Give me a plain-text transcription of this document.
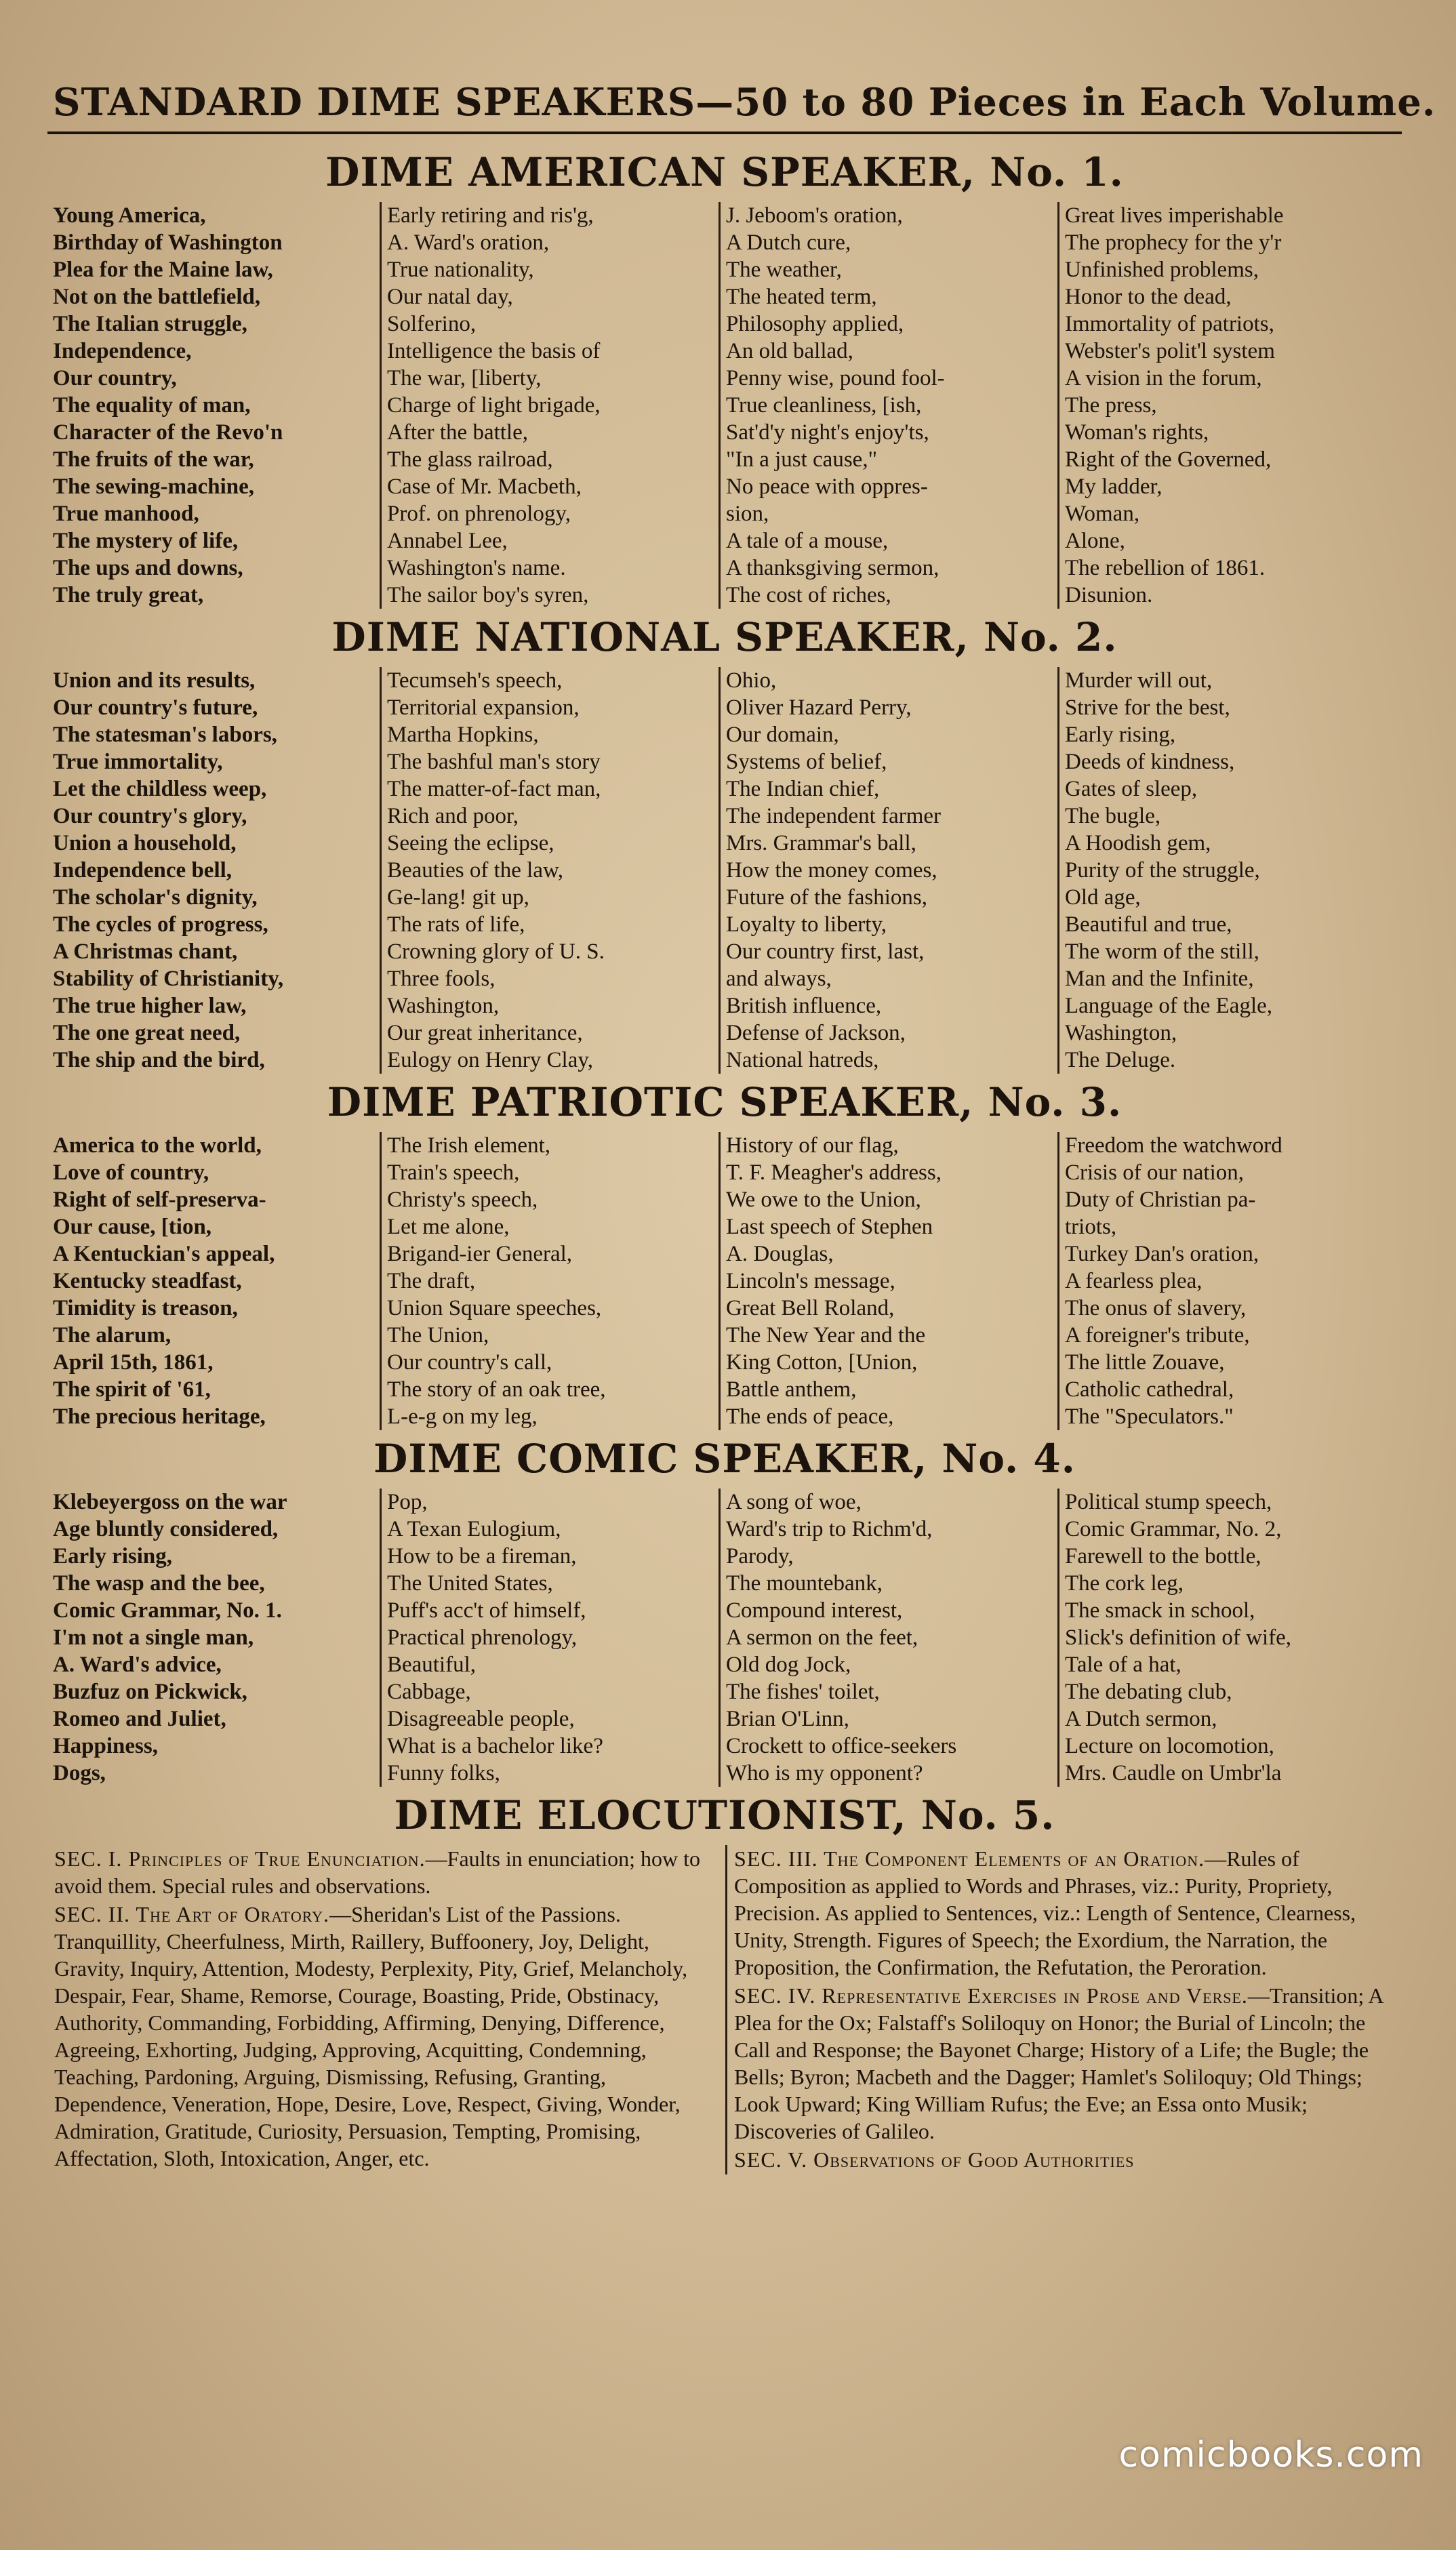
STANDARD DIME SPEAKERS—50 to 80 Pieces in Each Volume.
DIME AMERICAN SPEAKER, No. 1.
Young America,
Birthday of Washington
Plea for the Maine law,
Not on the battlefield,
The Italian struggle,
Independence,
Our country,
The equality of man,
Character of the Revo'n
The fruits of the war,
The sewing-machine,
True manhood,
The mystery of life,
The ups and downs,
The truly great,
Early retiring and ris'g,
A. Ward's oration,
True nationality,
Our natal day,
Solferino,
Intelligence the basis of
The war, [liberty,
Charge of light brigade,
After the battle,
The glass railroad,
Case of Mr. Macbeth,
Prof. on phrenology,
Annabel Lee,
Washington's name.
The sailor boy's syren,
J. Jeboom's oration,
A Dutch cure,
The weather,
The heated term,
Philosophy applied,
An old ballad,
Penny wise, pound fool-
True cleanliness, [ish,
Sat'd'y night's enjoy'ts,
"In a just cause,"
No peace with oppres-
sion,
A tale of a mouse,
A thanksgiving sermon,
The cost of riches,
Great lives imperishable
The prophecy for the y'r
Unfinished problems,
Honor to the dead,
Immortality of patriots,
Webster's polit'l system
A vision in the forum,
The press,
Woman's rights,
Right of the Governed,
My ladder,
Woman,
Alone,
The rebellion of 1861.
Disunion.
DIME NATIONAL SPEAKER, No. 2.
Union and its results,
Our country's future,
The statesman's labors,
True immortality,
Let the childless weep,
Our country's glory,
Union a household,
Independence bell,
The scholar's dignity,
The cycles of progress,
A Christmas chant,
Stability of Christianity,
The true higher law,
The one great need,
The ship and the bird,
Tecumseh's speech,
Territorial expansion,
Martha Hopkins,
The bashful man's story
The matter-of-fact man,
Rich and poor,
Seeing the eclipse,
Beauties of the law,
Ge-lang! git up,
The rats of life,
Crowning glory of U. S.
Three fools,
Washington,
Our great inheritance,
Eulogy on Henry Clay,
Ohio,
Oliver Hazard Perry,
Our domain,
Systems of belief,
The Indian chief,
The independent farmer
Mrs. Grammar's ball,
How the money comes,
Future of the fashions,
Loyalty to liberty,
Our country first, last,
and always,
British influence,
Defense of Jackson,
National hatreds,
Murder will out,
Strive for the best,
Early rising,
Deeds of kindness,
Gates of sleep,
The bugle,
A Hoodish gem,
Purity of the struggle,
Old age,
Beautiful and true,
The worm of the still,
Man and the Infinite,
Language of the Eagle,
Washington,
The Deluge.
DIME PATRIOTIC SPEAKER, No. 3.
America to the world,
Love of country,
Right of self-preserva-
Our cause, [tion,
A Kentuckian's appeal,
Kentucky steadfast,
Timidity is treason,
The alarum,
April 15th, 1861,
The spirit of '61,
The precious heritage,
The Irish element,
Train's speech,
Christy's speech,
Let me alone,
Brigand-ier General,
The draft,
Union Square speeches,
The Union,
Our country's call,
The story of an oak tree,
L-e-g on my leg,
History of our flag,
T. F. Meagher's address,
We owe to the Union,
Last speech of Stephen
A. Douglas,
Lincoln's message,
Great Bell Roland,
The New Year and the
King Cotton, [Union,
Battle anthem,
The ends of peace,
Freedom the watchword
Crisis of our nation,
Duty of Christian pa-
triots,
Turkey Dan's oration,
A fearless plea,
The onus of slavery,
A foreigner's tribute,
The little Zouave,
Catholic cathedral,
The "Speculators."
DIME COMIC SPEAKER, No. 4.
Klebeyergoss on the war
Age bluntly considered,
Early rising,
The wasp and the bee,
Comic Grammar, No. 1.
I'm not a single man,
A. Ward's advice,
Buzfuz on Pickwick,
Romeo and Juliet,
Happiness,
Dogs,
Pop,
A Texan Eulogium,
How to be a fireman,
The United States,
Puff's acc't of himself,
Practical phrenology,
Beautiful,
Cabbage,
Disagreeable people,
What is a bachelor like?
Funny folks,
A song of woe,
Ward's trip to Richm'd,
Parody,
The mountebank,
Compound interest,
A sermon on the feet,
Old dog Jock,
The fishes' toilet,
Brian O'Linn,
Crockett to office-seekers
Who is my opponent?
Political stump speech,
Comic Grammar, No. 2,
Farewell to the bottle,
The cork leg,
The smack in school,
Slick's definition of wife,
Tale of a hat,
The debating club,
A Dutch sermon,
Lecture on locomotion,
Mrs. Caudle on Umbr'la
DIME ELOCUTIONIST, No. 5.
SEC. I. Principles of True Enunciation.—Faults in enunciation; how to avoid them. Special rules and observations.
SEC. II. The Art of Oratory.—Sheridan's List of the Passions. Tranquillity, Cheerfulness, Mirth, Raillery, Buffoonery, Joy, Delight, Gravity, Inquiry, Attention, Modesty, Perplexity, Pity, Grief, Melancholy, Despair, Fear, Shame, Remorse, Courage, Boasting, Pride, Obstinacy, Authority, Commanding, Forbidding, Affirming, Denying, Difference, Agreeing, Exhorting, Judging, Approving, Acquitting, Condemning, Teaching, Pardoning, Arguing, Dismissing, Refusing, Granting, Dependence, Veneration, Hope, Desire, Love, Respect, Giving, Wonder, Admiration, Gratitude, Curiosity, Persuasion, Tempting, Promising, Affectation, Sloth, Intoxication, Anger, etc.
SEC. III. The Component Elements of an Oration.—Rules of Composition as applied to Words and Phrases, viz.: Purity, Propriety, Precision. As applied to Sentences, viz.: Length of Sentence, Clearness, Unity, Strength. Figures of Speech; the Exordium, the Narration, the Proposition, the Confirmation, the Refutation, the Peroration.
SEC. IV. Representative Exercises in Prose and Verse.—Transition; A Plea for the Ox; Falstaff's Soliloquy on Honor; the Burial of Lincoln; the Call and Response; the Bayonet Charge; History of a Life; the Bugle; the Bells; Byron; Macbeth and the Dagger; Hamlet's Soliloquy; Old Things; Look Upward; King William Rufus; the Eve; an Essa onto Musik; Discoveries of Galileo.
SEC. V. Observations of Good Authorities
comicbooks.com
